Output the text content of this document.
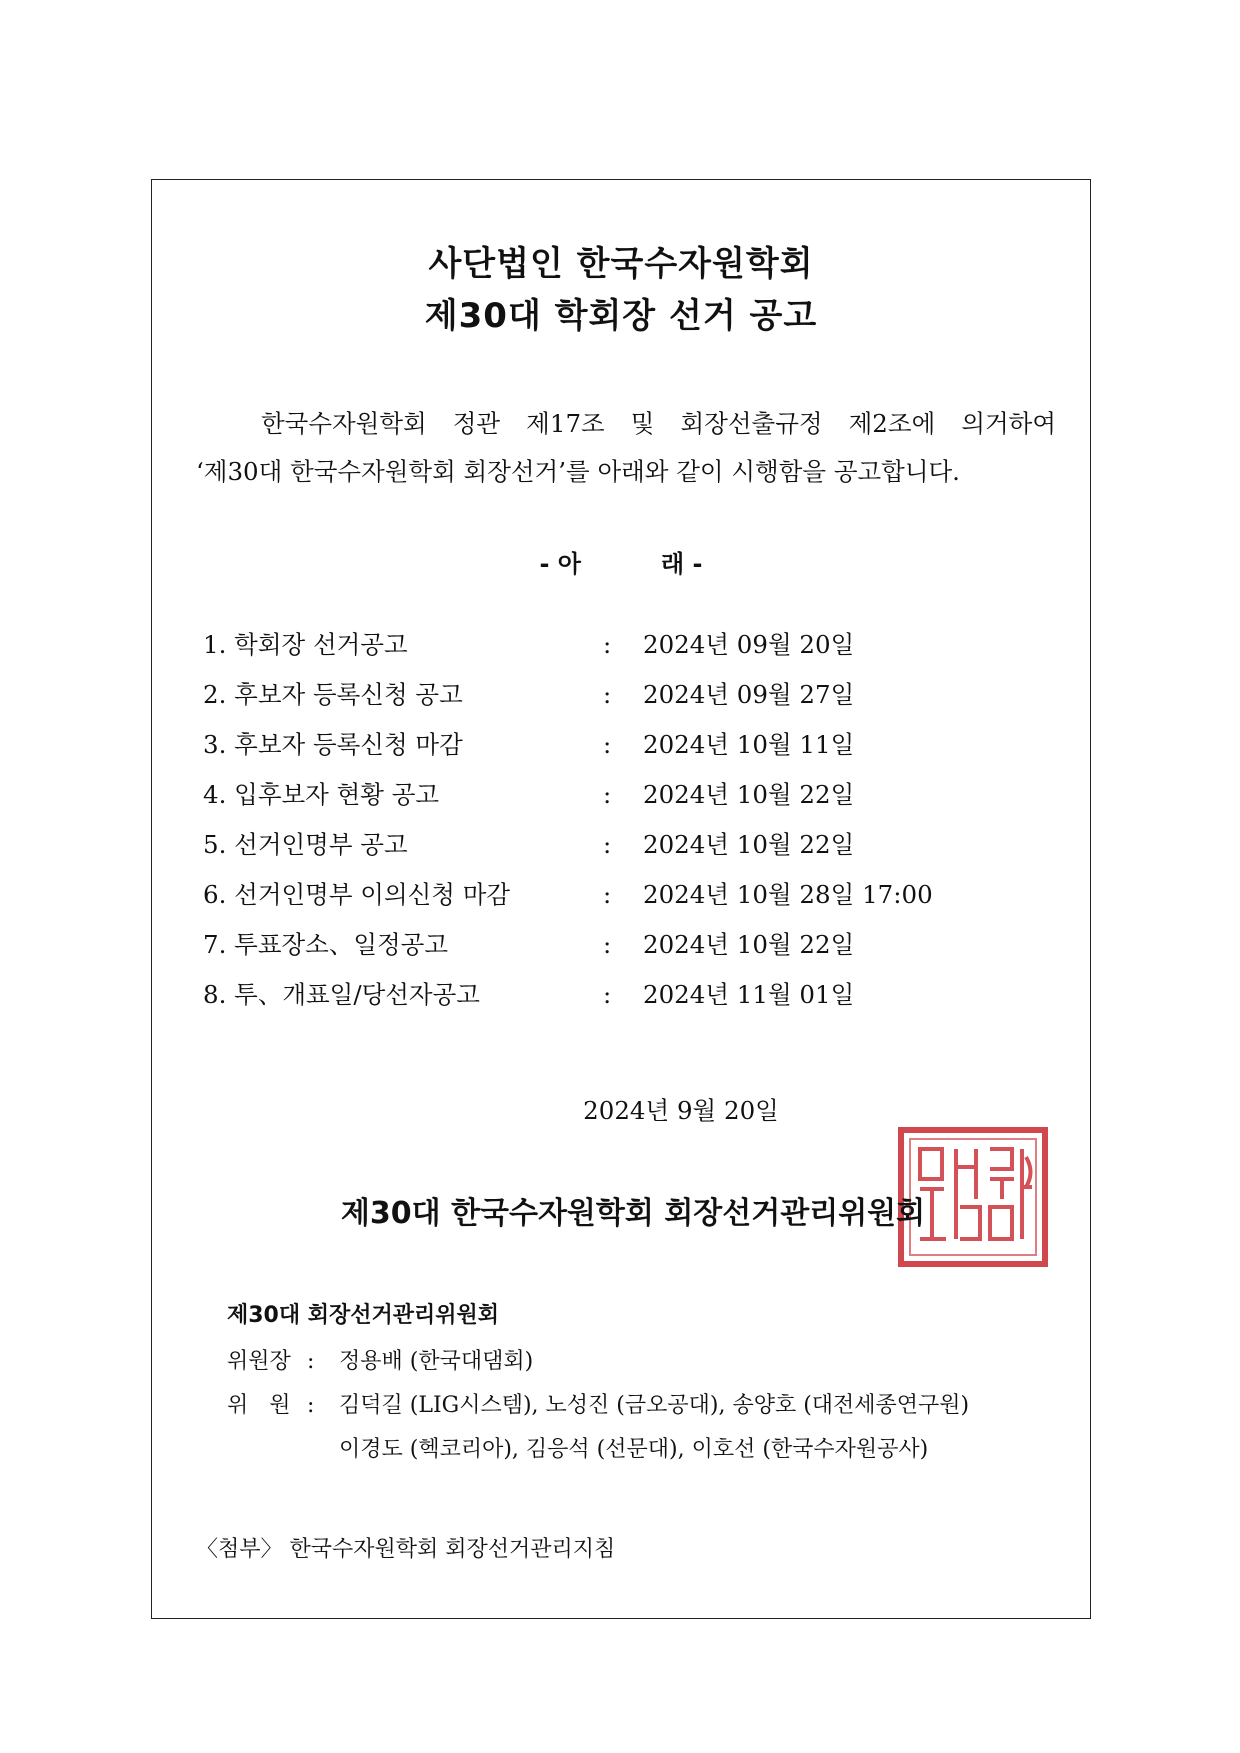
사단법인 한국수자원학회
제30대 학회장 선거 공고
한국수자원학회 정관 제17조 및 회장선출규정 제2조에 의거하여
‘제30대 한국수자원학회 회장선거’를 아래와 같이 시행함을 공고합니다.
- 아	래 -
1. 학회장 선거공고	: 2024년 09월 20일
2. 후보자 등록신청 공고	: 2024년 09월 27일
3. 후보자 등록신청 마감	: 2024년 10월 11일
4. 입후보자 현황 공고	: 2024년 10월 22일
5. 선거인명부 공고	: 2024년 10월 22일
6. 선거인명부 이의신청 마감	: 2024년 10월 28일 17:00
7. 투표장소、일정공고	: 2024년 10월 22일
8. 투、개표일/당선자공고	: 2024년 11월 01일
2024년 9월 20일
제30대 한국수자원학회 회장선거관리위원회
제30대 회장선거관리위원회
위원장 : 정용배 (한국대댐회)
위   원 : 김덕길 (LIG시스템), 노성진 (금오공대), 송양호 (대전세종연구원)
이경도 (헥코리아), 김응석 (선문대), 이호선 (한국수자원공사)
〈첨부〉 한국수자원학회 회장선거관리지침
